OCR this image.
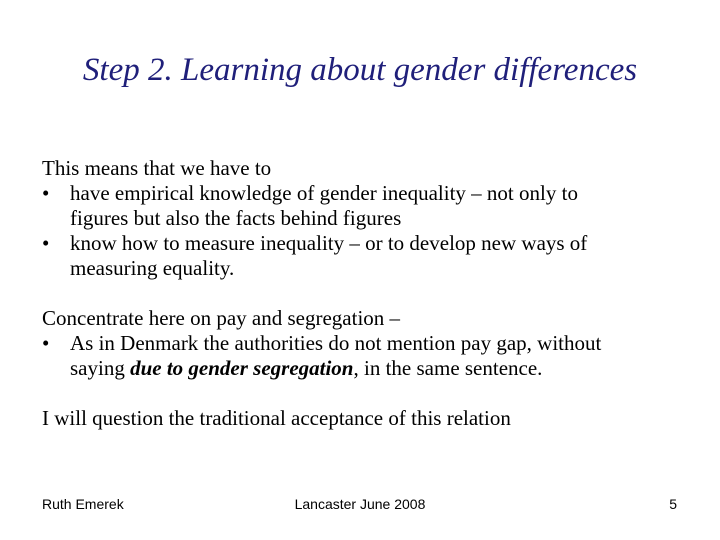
Step 2. Learning about gender differences

This means that we have to

• have empirical knowledge of gender inequality – not only to
figures but also the facts behind figures
• know how to measure inequality – or to develop new ways of
measuring equality.

Concentrate here on pay and segregation –

• As in Denmark the authorities do not mention pay gap, without
saying due to gender segregation, in the same sentence.

I will question the traditional acceptance of this relation

Ruth Emerek	Lancaster June 2008	5
